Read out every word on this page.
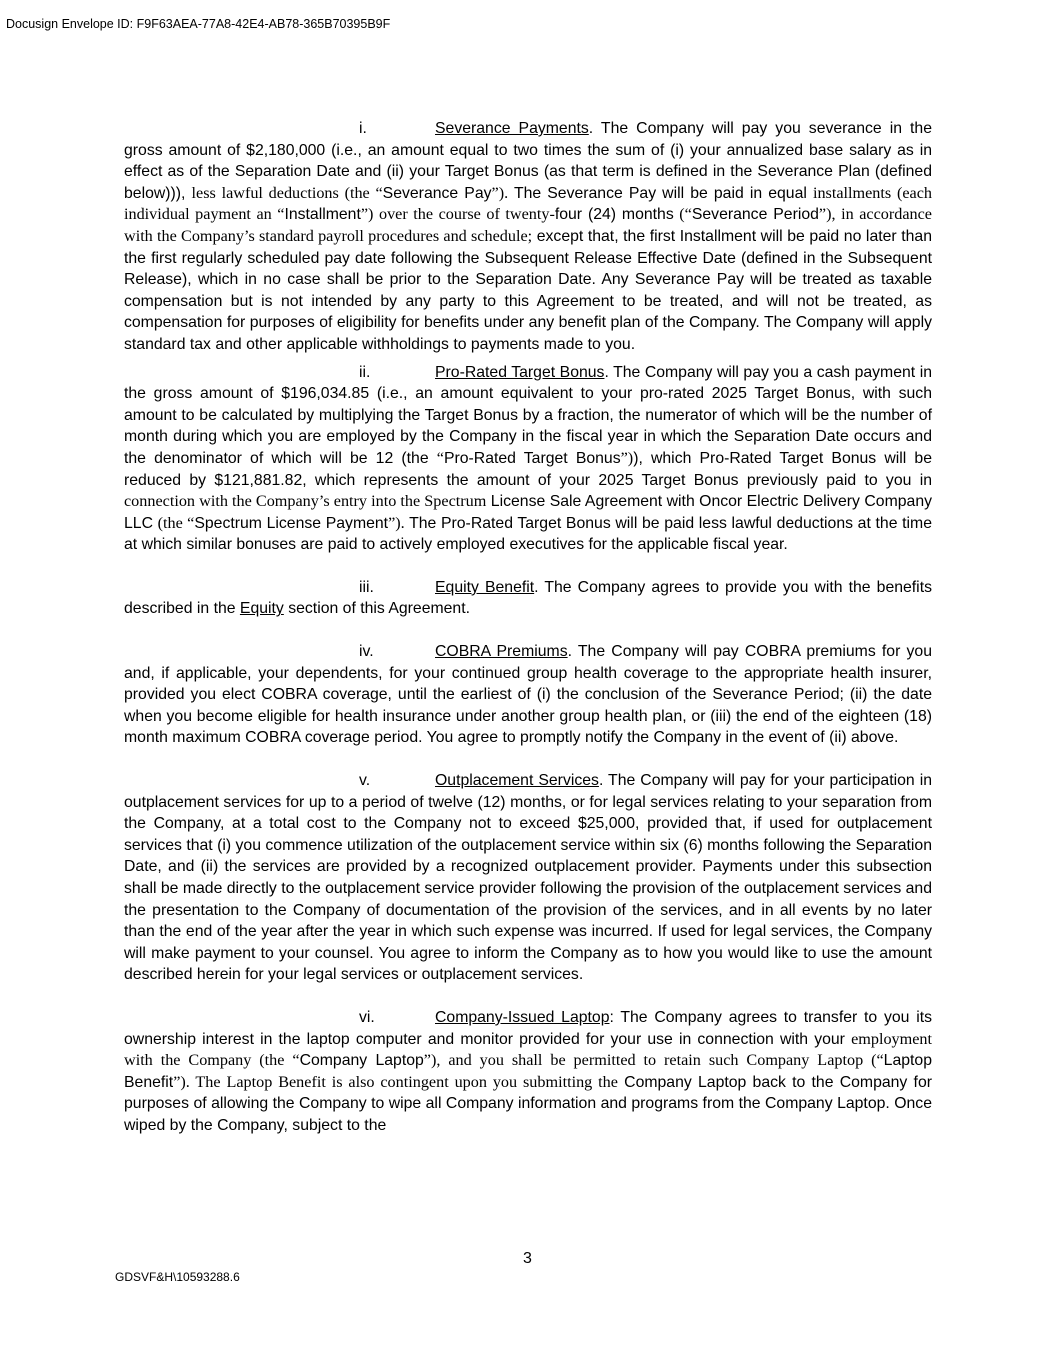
Docusign Envelope ID: F9F63AEA-77A8-42E4-AB78-365B70395B9F

i.	Severance Payments. The Company will pay you severance in the gross amount of $2,180,000 (i.e., an amount equal to two times the sum of (i) your annualized base salary as in effect as of the Separation Date and (ii) your Target Bonus (as that term is defined in the Severance Plan (defined below))), less lawful deductions (the “Severance Pay”). The Severance Pay will be paid in equal installments (each individual payment an “Installment”) over the course of twenty-four (24) months (“Severance Period”), in accordance with the Company’s standard payroll procedures and schedule; except that, the first Installment will be paid no later than the first regularly scheduled pay date following the Subsequent Release Effective Date (defined in the Subsequent Release), which in no case shall be prior to the Separation Date. Any Severance Pay will be treated as taxable compensation but is not intended by any party to this Agreement to be treated, and will not be treated, as compensation for purposes of eligibility for benefits under any benefit plan of the Company. The Company will apply standard tax and other applicable withholdings to payments made to you.

ii.	Pro-Rated Target Bonus. The Company will pay you a cash payment in the gross amount of $196,034.85 (i.e., an amount equivalent to your pro-rated 2025 Target Bonus, with such amount to be calculated by multiplying the Target Bonus by a fraction, the numerator of which will be the number of month during which you are employed by the Company in the fiscal year in which the Separation Date occurs and the denominator of which will be 12 (the “Pro-Rated Target Bonus”)), which Pro-Rated Target Bonus will be reduced by $121,881.82, which represents the amount of your 2025 Target Bonus previously paid to you in connection with the Company’s entry into the Spectrum License Sale Agreement with Oncor Electric Delivery Company LLC (the “Spectrum License Payment”). The Pro-Rated Target Bonus will be paid less lawful deductions at the time at which similar bonuses are paid to actively employed executives for the applicable fiscal year.

iii.	Equity Benefit. The Company agrees to provide you with the benefits described in the Equity section of this Agreement.

iv.	COBRA Premiums. The Company will pay COBRA premiums for you and, if applicable, your dependents, for your continued group health coverage to the appropriate health insurer, provided you elect COBRA coverage, until the earliest of (i) the conclusion of the Severance Period; (ii) the date when you become eligible for health insurance under another group health plan, or (iii) the end of the eighteen (18) month maximum COBRA coverage period. You agree to promptly notify the Company in the event of (ii) above.

v.	Outplacement Services. The Company will pay for your participation in outplacement services for up to a period of twelve (12) months, or for legal services relating to your separation from the Company, at a total cost to the Company not to exceed $25,000, provided that, if used for outplacement services that (i) you commence utilization of the outplacement service within six (6) months following the Separation Date, and (ii) the services are provided by a recognized outplacement provider. Payments under this subsection shall be made directly to the outplacement service provider following the provision of the outplacement services and the presentation to the Company of documentation of the provision of the services, and in all events by no later than the end of the year after the year in which such expense was incurred. If used for legal services, the Company will make payment to your counsel. You agree to inform the Company as to how you would like to use the amount described herein for your legal services or outplacement services.

vi.	Company-Issued Laptop: The Company agrees to transfer to you its ownership interest in the laptop computer and monitor provided for your use in connection with your employment with the Company (the “Company Laptop”), and you shall be permitted to retain such Company Laptop (“Laptop Benefit”). The Laptop Benefit is also contingent upon you submitting the Company Laptop back to the Company for purposes of allowing the Company to wipe all Company information and programs from the Company Laptop. Once wiped by the Company, subject to the

3
GDSVF&H\10593288.6
